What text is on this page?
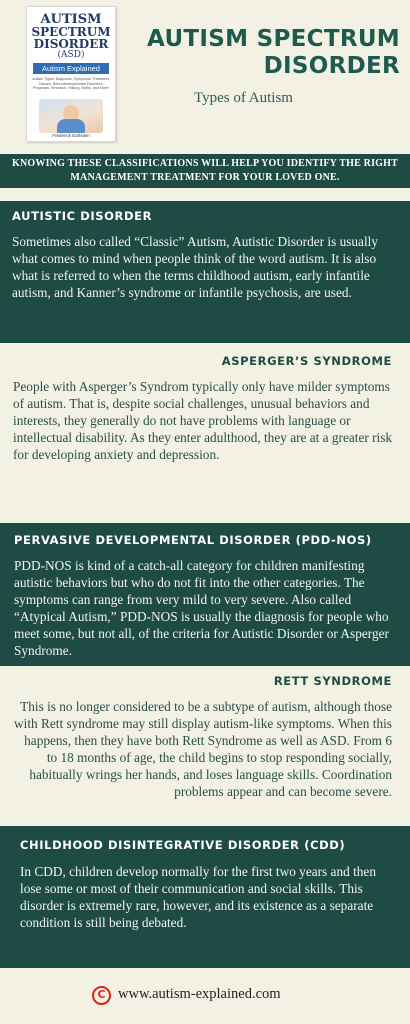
AUTISM
SPECTRUM
DISORDER
(ASD)
Autism Explained
Autism Types, Diagnosis, Symptoms, Treatment, Causes, Neurodevelopmental Disorders, Prognosis, Research, History, Myths, and More!
Frederick Earlstein
AUTISM SPECTRUM
DISORDER
Types of Autism
KNOWING THESE CLASSIFICATIONS WILL HELP YOU IDENTIFY THE RIGHT
MANAGEMENT TREATMENT FOR YOUR LOVED ONE.
AUTISTIC DISORDER
Sometimes also called “Classic” Autism, Autistic Disorder is usually what comes to mind when people think of the word autism. It is also what is referred to when the terms childhood autism, early infantile autism, and Kanner’s syndrome or infantile psychosis, are used.
ASPERGER’S SYNDROME
People with Asperger’s Syndrom typically only have milder symptoms of autism. That is, despite social challenges, unusual behaviors and interests, they generally do not have problems with language or intellectual disability. As they enter adulthood, they are at a greater risk for developing anxiety and depression.
PERVASIVE DEVELOPMENTAL DISORDER (PDD-NOS)
PDD-NOS is kind of a catch-all category for children manifesting autistic behaviors but who do not fit into the other categories. The symptoms can range from very mild to very severe. Also called “Atypical Autism,” PDD-NOS is usually the diagnosis for people who meet some, but not all, of the criteria for Autistic Disorder or Asperger Syndrome.
RETT SYNDROME
This is no longer considered to be a subtype of autism, although those with Rett syndrome may still display autism-like symptoms. When this happens, then they have both Rett Syndrome as well as ASD. From 6 to 18 months of age, the child begins to stop responding socially, habitually wrings her hands, and loses language skills. Coordination problems appear and can become severe.
CHILDHOOD DISINTEGRATIVE DISORDER (CDD)
In CDD, children develop normally for the first two years and then lose some or most of their communication and social skills. This disorder is extremely rare, however, and its existence as a separate condition is still being debated.
C www.autism-explained.com
